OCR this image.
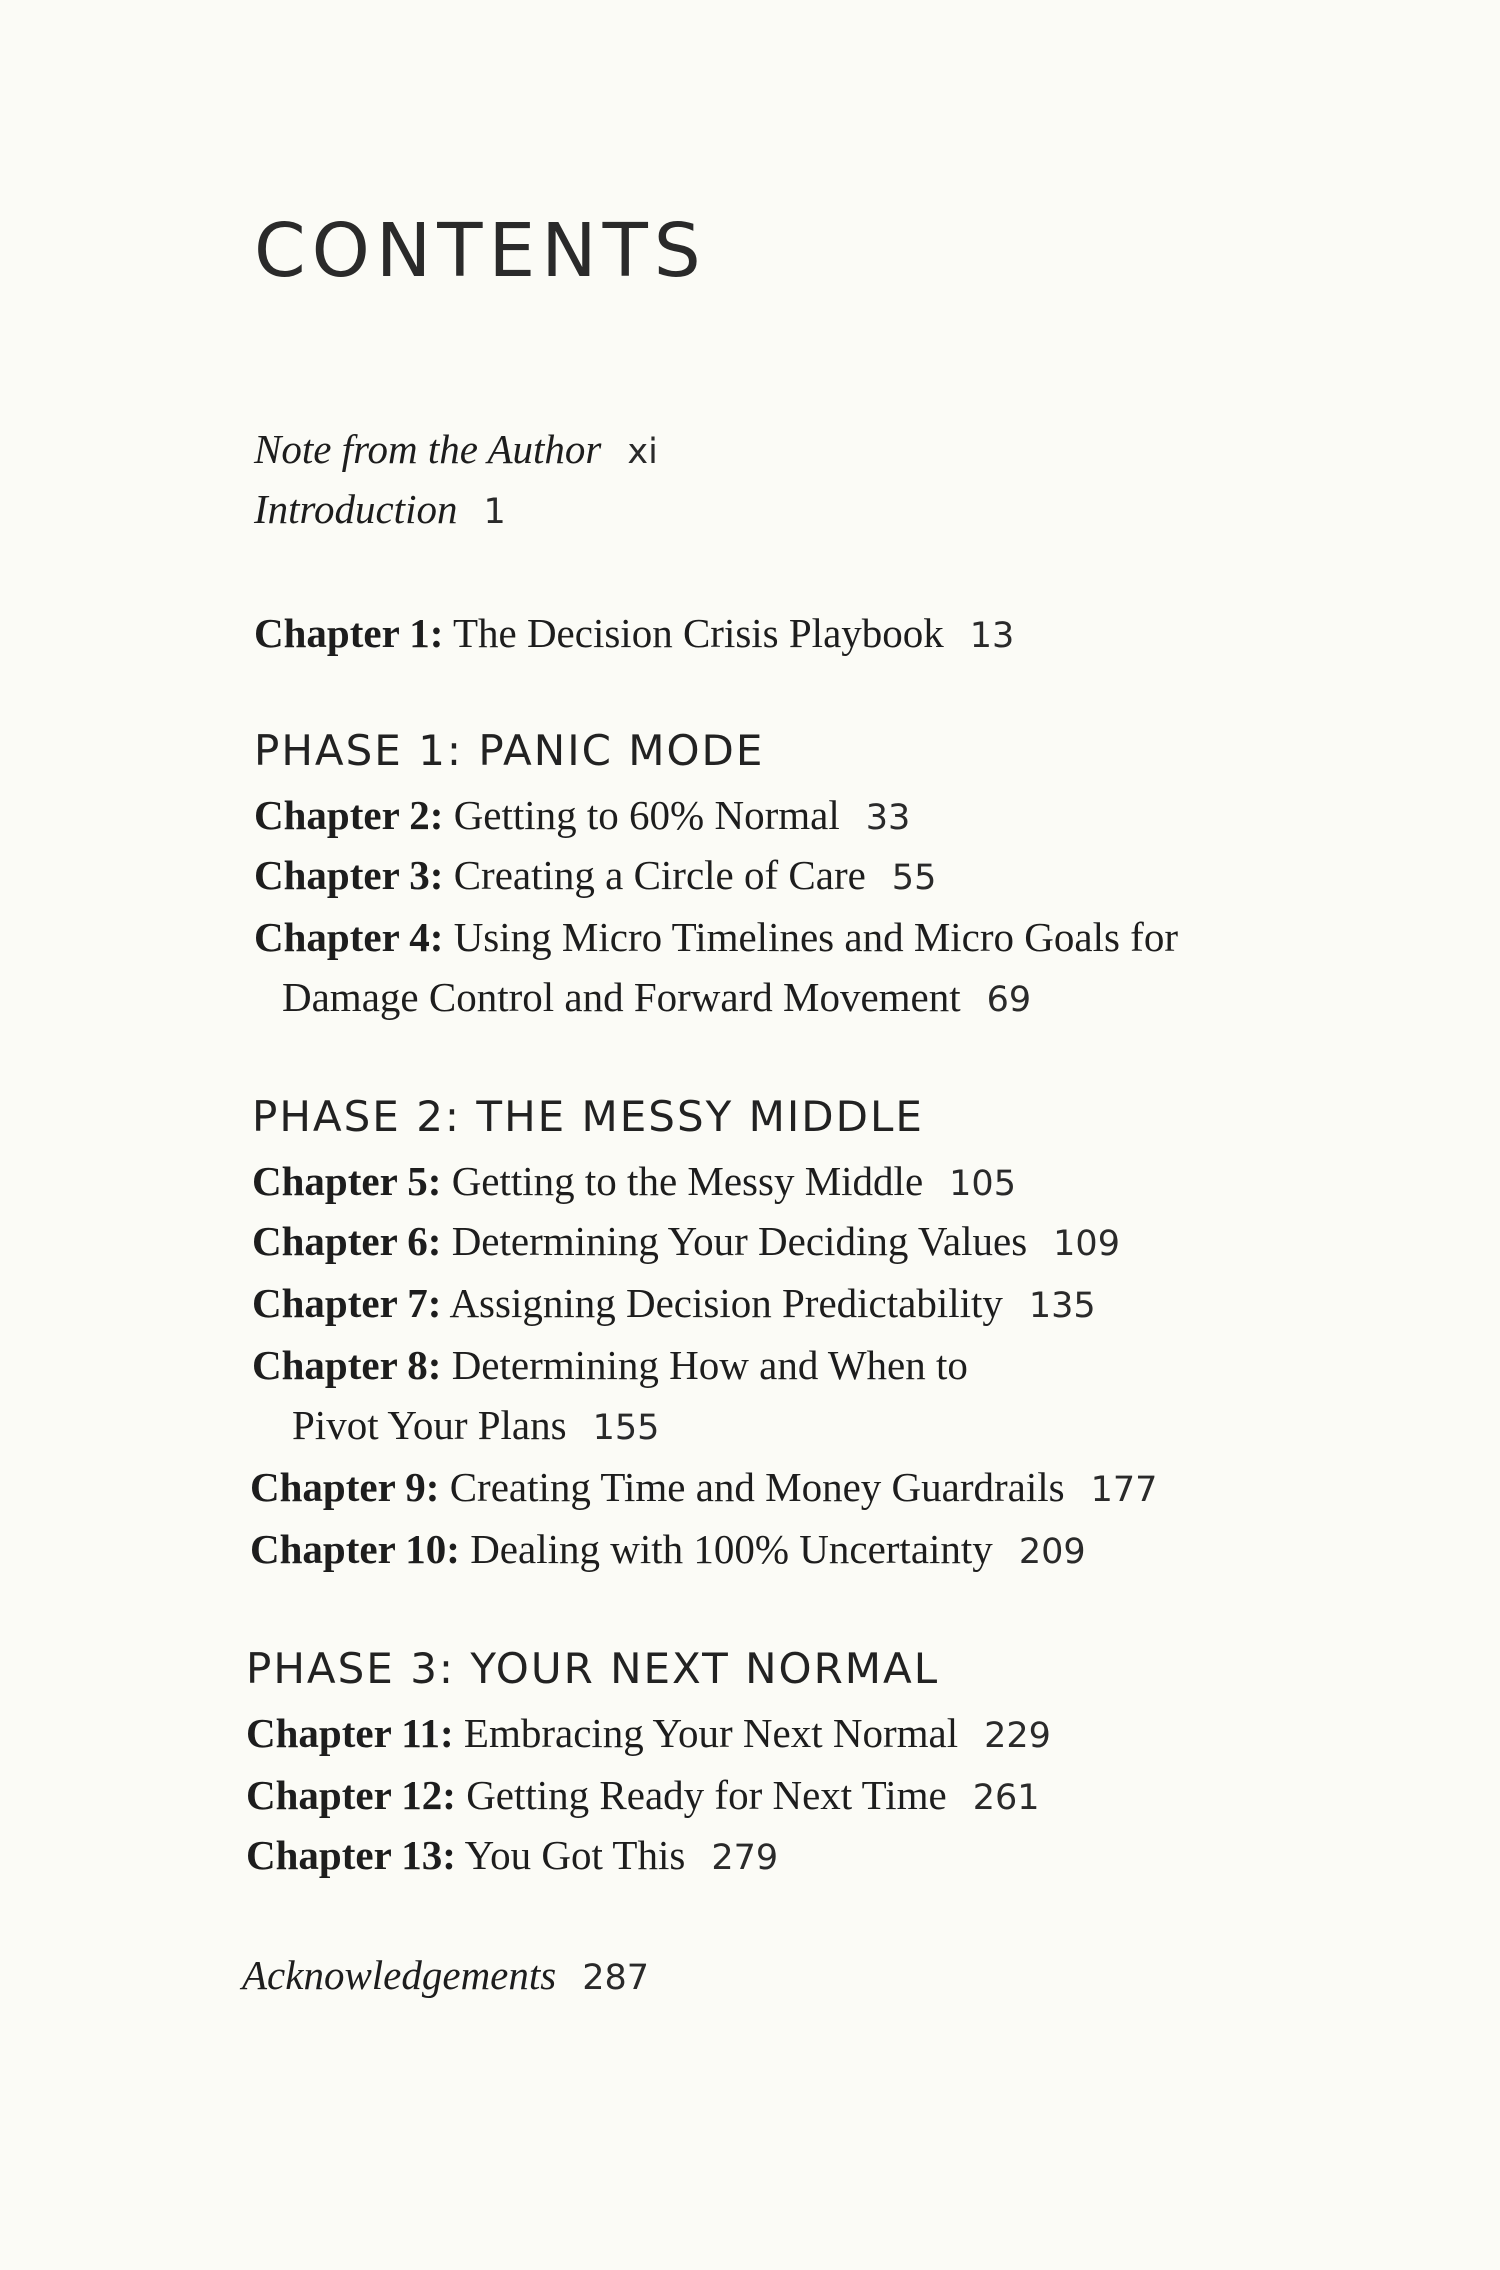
CONTENTS
Note from the Author xi
Introduction 1
Chapter 1: The Decision Crisis Playbook 13
PHASE 1: PANIC MODE
Chapter 2: Getting to 60% Normal 33
Chapter 3: Creating a Circle of Care 55
Chapter 4: Using Micro Timelines and Micro Goals for
Damage Control and Forward Movement 69
PHASE 2: THE MESSY MIDDLE
Chapter 5: Getting to the Messy Middle 105
Chapter 6: Determining Your Deciding Values 109
Chapter 7: Assigning Decision Predictability 135
Chapter 8: Determining How and When to
Pivot Your Plans 155
Chapter 9: Creating Time and Money Guardrails 177
Chapter 10: Dealing with 100% Uncertainty 209
PHASE 3: YOUR NEXT NORMAL
Chapter 11: Embracing Your Next Normal 229
Chapter 12: Getting Ready for Next Time 261
Chapter 13: You Got This 279
Acknowledgements 287
